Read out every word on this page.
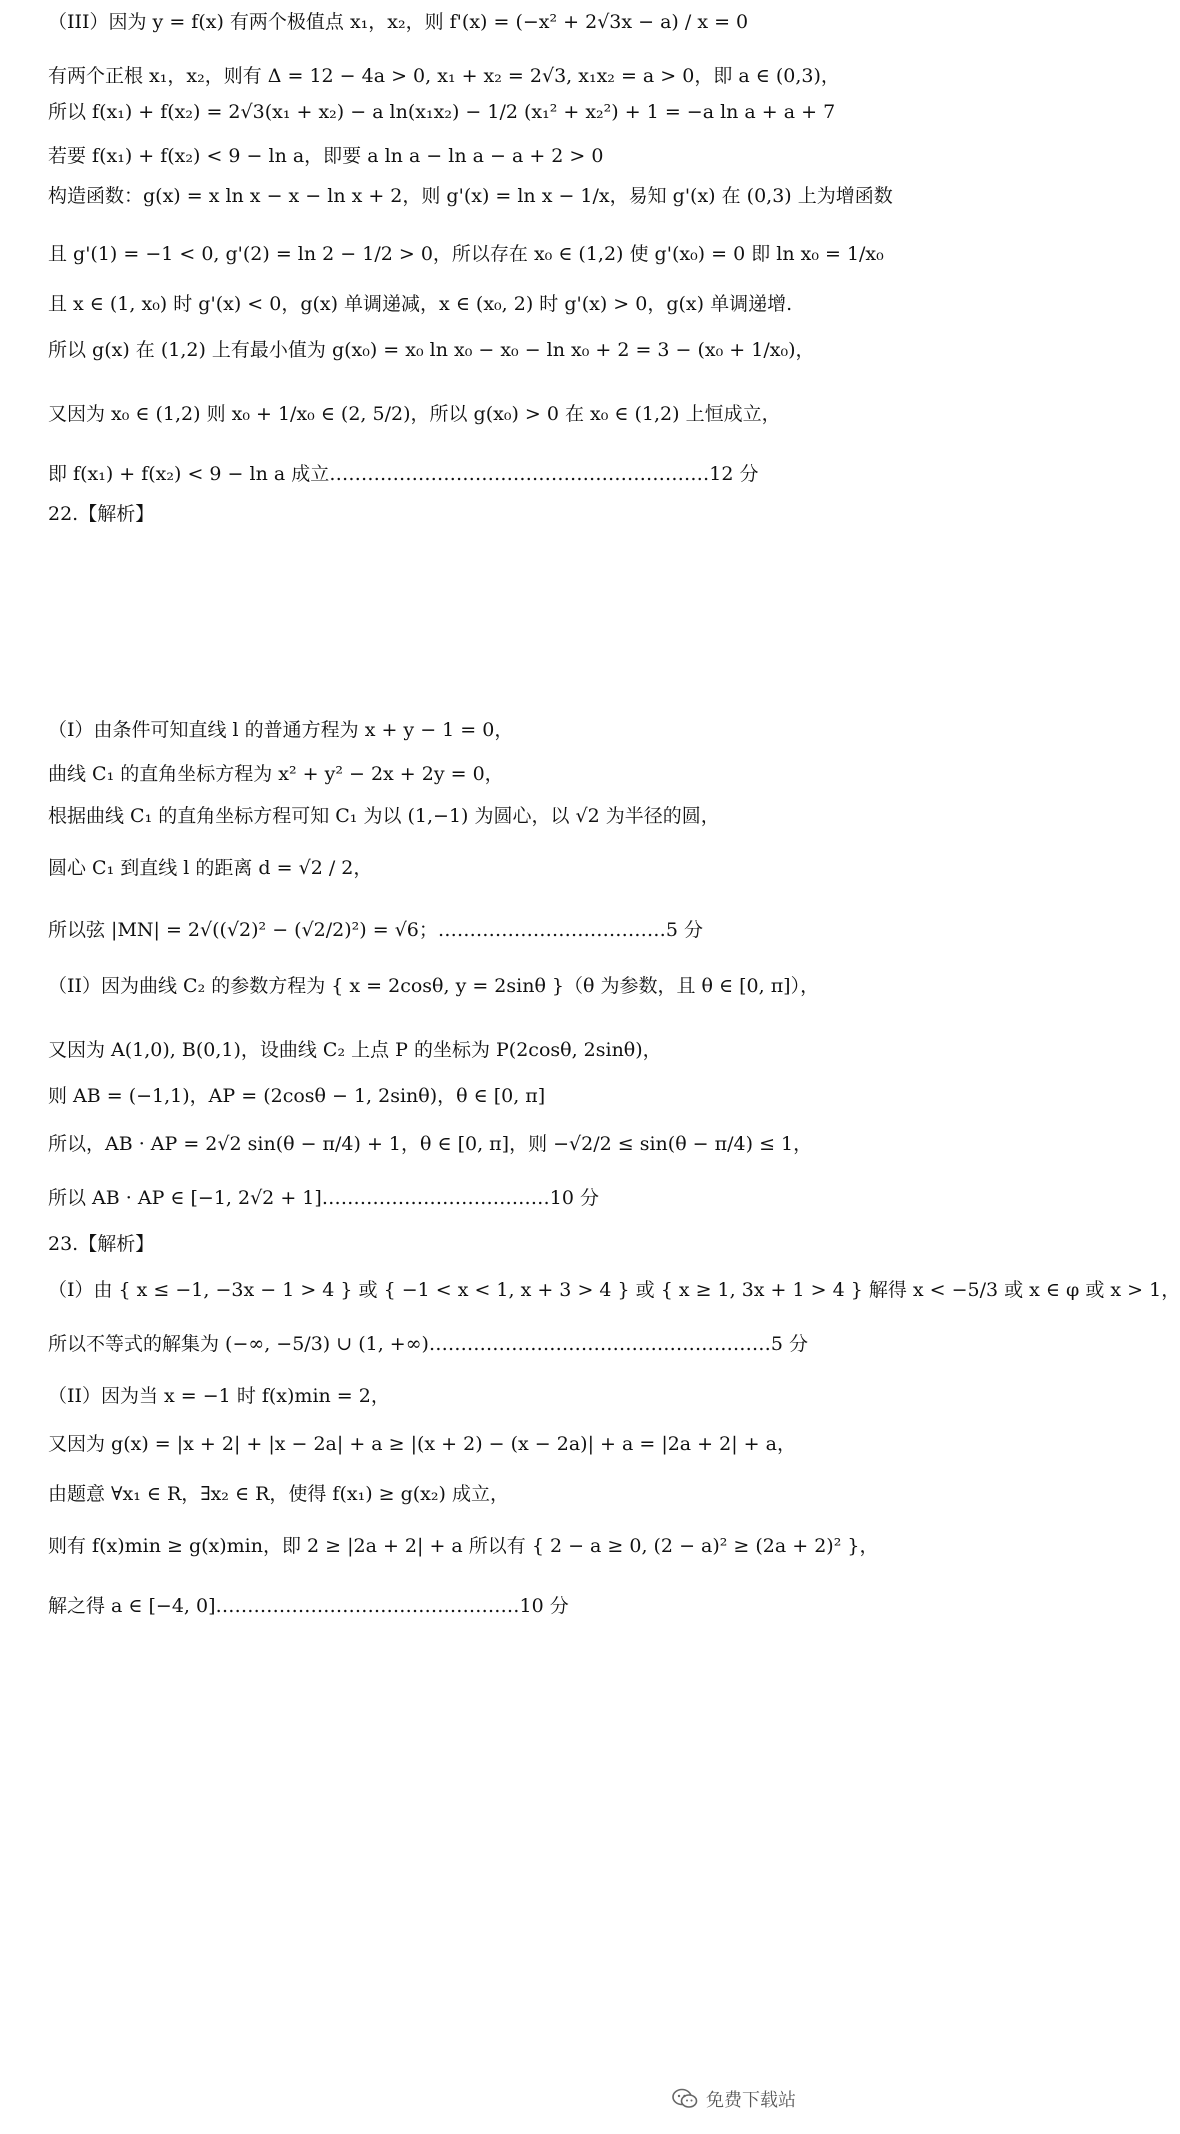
（III）因为 y = f(x) 有两个极值点 x₁，x₂，则 f'(x) = (−x² + 2√3x − a) / x = 0
有两个正根 x₁，x₂，则有 Δ = 12 − 4a > 0, x₁ + x₂ = 2√3, x₁x₂ = a > 0，即 a ∈ (0,3)，
所以 f(x₁) + f(x₂) = 2√3(x₁ + x₂) − a ln(x₁x₂) − 1/2 (x₁² + x₂²) + 1 = −a ln a + a + 7
若要 f(x₁) + f(x₂) < 9 − ln a，即要 a ln a − ln a − a + 2 > 0
构造函数：g(x) = x ln x − x − ln x + 2，则 g'(x) = ln x − 1/x，易知 g'(x) 在 (0,3) 上为增函数
且 g'(1) = −1 < 0, g'(2) = ln 2 − 1/2 > 0，所以存在 x₀ ∈ (1,2) 使 g'(x₀) = 0 即 ln x₀ = 1/x₀
且 x ∈ (1, x₀) 时 g'(x) < 0，g(x) 单调递减，x ∈ (x₀, 2) 时 g'(x) > 0，g(x) 单调递增.
所以 g(x) 在 (1,2) 上有最小值为 g(x₀) = x₀ ln x₀ − x₀ − ln x₀ + 2 = 3 − (x₀ + 1/x₀)，
又因为 x₀ ∈ (1,2) 则 x₀ + 1/x₀ ∈ (2, 5/2)，所以 g(x₀) > 0 在 x₀ ∈ (1,2) 上恒成立，
即 f(x₁) + f(x₂) < 9 − ln a 成立……………………………………………………12 分
22.【解析】
（I）由条件可知直线 l 的普通方程为 x + y − 1 = 0，
曲线 C₁ 的直角坐标方程为 x² + y² − 2x + 2y = 0，
根据曲线 C₁ 的直角坐标方程可知 C₁ 为以 (1,−1) 为圆心，以 √2 为半径的圆，
圆心 C₁ 到直线 l 的距离 d = √2 / 2，
所以弦 |MN| = 2√((√2)² − (√2/2)²) = √6；………………………………5 分
（II）因为曲线 C₂ 的参数方程为 { x = 2cosθ, y = 2sinθ }（θ 为参数，且 θ ∈ [0, π]），
又因为 A(1,0), B(0,1)，设曲线 C₂ 上点 P 的坐标为 P(2cosθ, 2sinθ)，
则 AB = (−1,1)，AP = (2cosθ − 1, 2sinθ)，θ ∈ [0, π]
所以，AB · AP = 2√2 sin(θ − π/4) + 1，θ ∈ [0, π]，则 −√2/2 ≤ sin(θ − π/4) ≤ 1，
所以 AB · AP ∈ [−1, 2√2 + 1]………………………………10 分
23.【解析】
（I）由 { x ≤ −1, −3x − 1 > 4 } 或 { −1 < x < 1, x + 3 > 4 } 或 { x ≥ 1, 3x + 1 > 4 } 解得 x < −5/3 或 x ∈ φ 或 x > 1，
所以不等式的解集为 (−∞, −5/3) ∪ (1, +∞)………………………………………………5 分
（II）因为当 x = −1 时 f(x)min = 2，
又因为 g(x) = |x + 2| + |x − 2a| + a ≥ |(x + 2) − (x − 2a)| + a = |2a + 2| + a，
由题意 ∀x₁ ∈ R，∃x₂ ∈ R，使得 f(x₁) ≥ g(x₂) 成立，
则有 f(x)min ≥ g(x)min，即 2 ≥ |2a + 2| + a 所以有 { 2 − a ≥ 0, (2 − a)² ≥ (2a + 2)² }，
解之得 a ∈ [−4, 0]…………………………………………10 分
免费下载站
